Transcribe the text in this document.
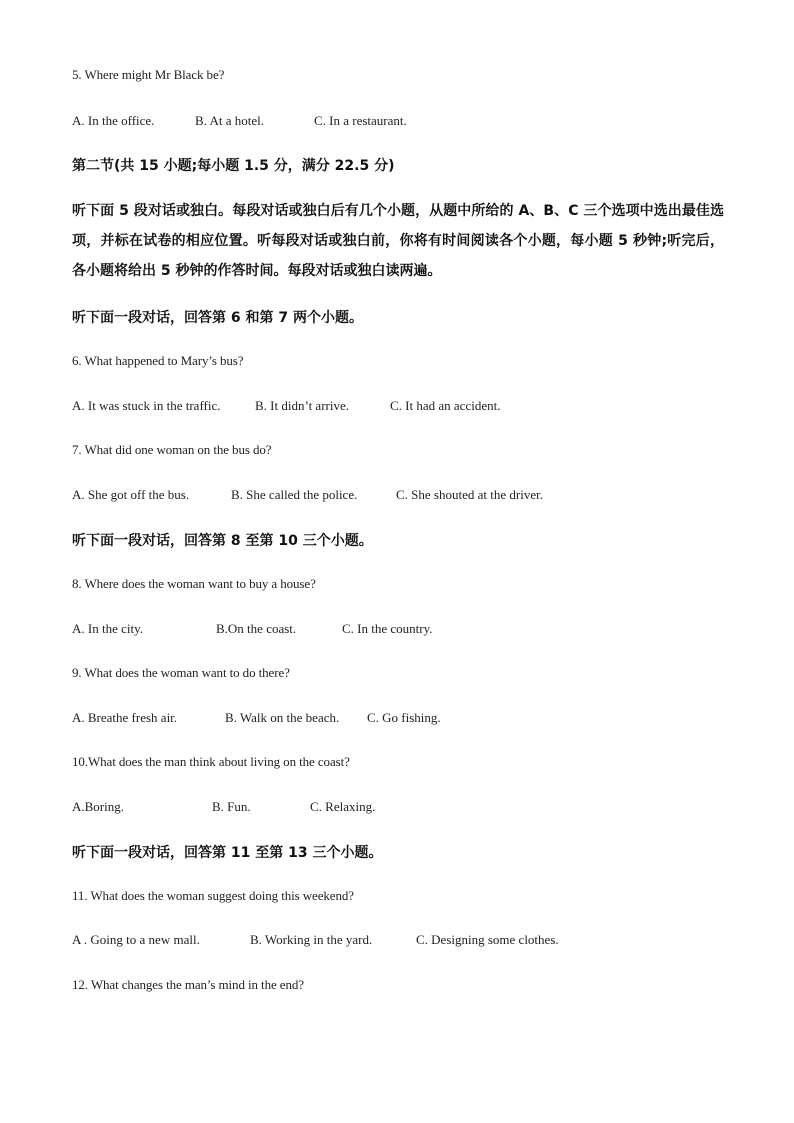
5. Where might Mr Black be?
A. In the office.	B. At a hotel.	C. In a restaurant.
第二节(共 15 小题;每小题 1.5 分，满分 22.5 分)
听下面 5 段对话或独白。每段对话或独白后有几个小题，从题中所给的 A、B、C 三个选项中选出最佳选项，并标在试卷的相应位置。听每段对话或独白前，你将有时间阅读各个小题，每小题 5 秒钟;听完后，各小题将给出 5 秒钟的作答时间。每段对话或独白读两遍。
听下面一段对话，回答第 6 和第 7 两个小题。
6. What happened to Mary’s bus?
A. It was stuck in the traffic.	B. It didn’t arrive.	C. It had an accident.
7. What did one woman on the bus do?
A. She got off the bus.	B. She called the police.	C. She shouted at the driver.
听下面一段对话，回答第 8 至第 10 三个小题。
8. Where does the woman want to buy a house?
A. In the city.	B.On the coast.	C. In the country.
9. What does the woman want to do there?
A. Breathe fresh air.	B. Walk on the beach. C. Go fishing.
10.What does the man think about living on the coast?
A.Boring.	B. Fun.	C. Relaxing.
听下面一段对话，回答第 11 至第 13 三个小题。
11. What does the woman suggest doing this weekend?
A . Going to a new mall.	B. Working in the yard.	C. Designing some clothes.
12. What changes the man’s mind in the end?
